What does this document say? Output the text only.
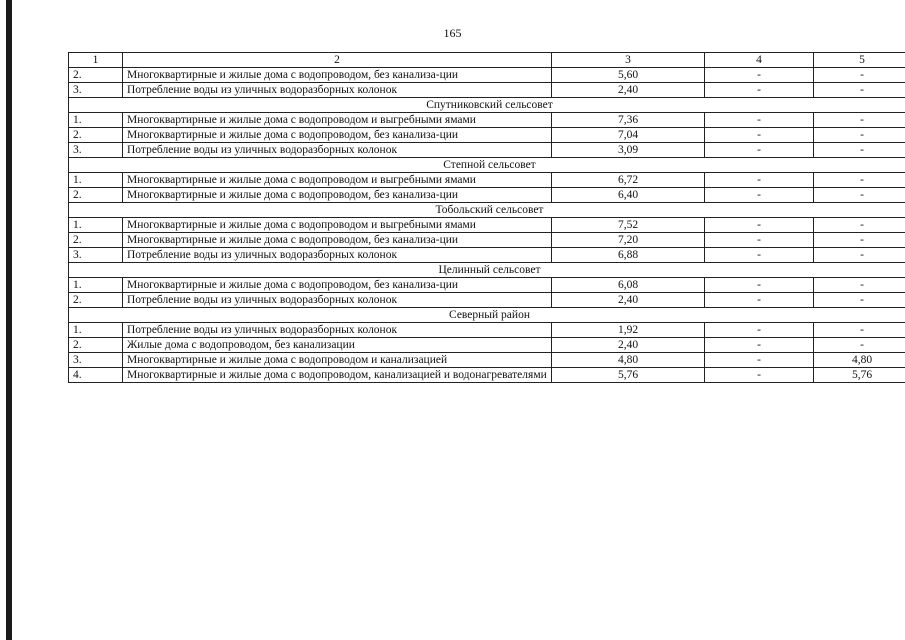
165
1	2	3	4	5
2.	Многоквартирные и жилые дома с водопроводом, без канализа-ции	5,60	-	-
3.	Потребление воды из уличных водоразборных колонок	2,40	-	-
Спутниковский сельсовет				
1.	Многоквартирные и жилые дома с водопроводом и выгребными ямами	7,36	-	-
2.	Многоквартирные и жилые дома с водопроводом, без канализа-ции	7,04	-	-
3.	Потребление воды из уличных водоразборных колонок	3,09	-	-
Степной сельсовет				
1.	Многоквартирные и жилые дома с водопроводом и выгребными ямами	6,72	-	-
2.	Многоквартирные и жилые дома с водопроводом, без канализа-ции	6,40	-	-
Тобольский сельсовет				
1.	Многоквартирные и жилые дома с водопроводом и выгребными ямами	7,52	-	-
2.	Многоквартирные и жилые дома с водопроводом, без канализа-ции	7,20	-	-
3.	Потребление воды из уличных водоразборных колонок	6,88	-	-
Целинный сельсовет				
1.	Многоквартирные и жилые дома с водопроводом, без канализа-ции	6,08	-	-
2.	Потребление воды из уличных водоразборных колонок	2,40	-	-
Северный район				
1.	Потребление воды из уличных водоразборных колонок	1,92	-	-
2.	Жилые дома с водопроводом, без канализации	2,40	-	-
3.	Многоквартирные и жилые дома с водопроводом и канализацией	4,80	-	4,80
4.	Многоквартирные и жилые дома с водопроводом, канализацией и водонагревателями	5,76	-	5,76
